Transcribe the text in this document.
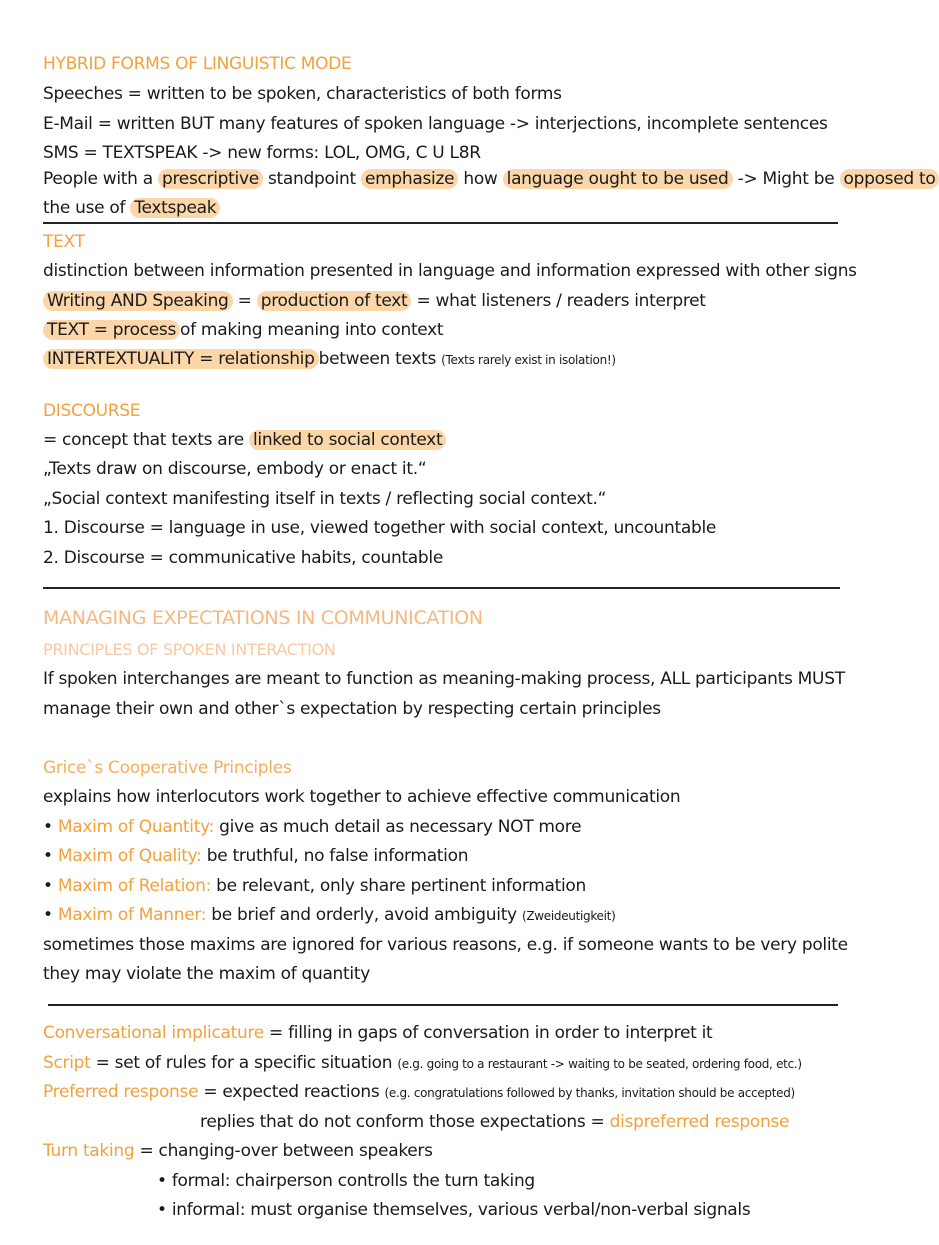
HYBRID FORMS OF LINGUISTIC MODE
Speeches = written to be spoken, characteristics of both forms
E-Mail = written BUT many features of spoken language -> interjections, incomplete sentences
SMS = TEXTSPEAK -> new forms: LOL, OMG, C U L8R
People with a prescriptive standpoint emphasize how language ought to be used -> Might be opposed to
the use of Textspeak
TEXT
distinction between information presented in language and information expressed with other signs
Writing AND Speaking = production of text = what listeners / readers interpret
TEXT = process of making meaning into context
INTERTEXTUALITY = relationship between texts (Texts rarely exist in isolation!)
DISCOURSE
= concept that texts are linked to social context
„Texts draw on discourse, embody or enact it.“
„Social context manifesting itself in texts / reflecting social context.“
1. Discourse = language in use, viewed together with social context, uncountable
2. Discourse = communicative habits, countable
MANAGING EXPECTATIONS IN COMMUNICATION
PRINCIPLES OF SPOKEN INTERACTION
If spoken interchanges are meant to function as meaning-making process, ALL participants MUST
manage their own and other`s expectation by respecting certain principles
Grice`s Cooperative Principles
explains how interlocutors work together to achieve effective communication
• Maxim of Quantity: give as much detail as necessary NOT more
• Maxim of Quality: be truthful, no false information
• Maxim of Relation: be relevant, only share pertinent information
• Maxim of Manner: be brief and orderly, avoid ambiguity (Zweideutigkeit)
sometimes those maxims are ignored for various reasons, e.g. if someone wants to be very polite
they may violate the maxim of quantity
Conversational implicature = filling in gaps of conversation in order to interpret it
Script = set of rules for a specific situation (e.g. going to a restaurant -> waiting to be seated, ordering food, etc.)
Preferred response = expected reactions (e.g. congratulations followed by thanks, invitation should be accepted)
replies that do not conform those expectations = dispreferred response
Turn taking = changing-over between speakers
• formal: chairperson controlls the turn taking
• informal: must organise themselves, various verbal/non-verbal signals
